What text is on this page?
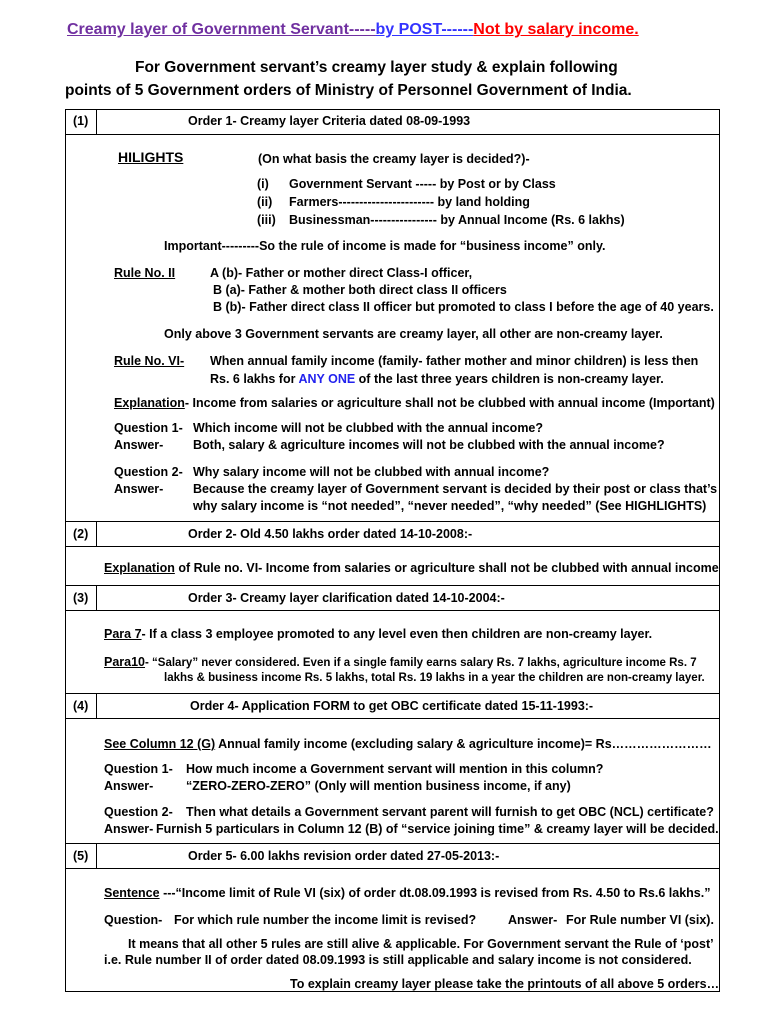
Creamy layer of Government Servant-----by POST------Not by salary income.
For Government servant’s creamy layer study & explain following
points of 5 Government orders of Ministry of Personnel Government of India.
(1)	Order 1- Creamy layer Criteria dated 08-09-1993
HILIGHTS	(On what basis the creamy layer is decided?)-
(i) Government Servant ----- by Post or by Class
(ii) Farmers----------------------- by land holding
(iii) Businessman---------------- by Annual Income (Rs. 6 lakhs)
Important---------So the rule of income is made for “business income” only.
Rule No. II	A (b)- Father or mother direct Class-I officer,
B (a)- Father & mother both direct class II officers
B (b)- Father direct class II officer but promoted to class I before the age of 40 years.
Only above 3 Government servants are creamy layer, all other are non-creamy layer.
Rule No. VI- When annual family income (family- father mother and minor children) is less then
Rs. 6 lakhs for ANY ONE of the last three years children is non-creamy layer.
Explanation- Income from salaries or agriculture shall not be clubbed with annual income (Important)
Question 1- Which income will not be clubbed with the annual income?
Answer- Both, salary & agriculture incomes will not be clubbed with the annual income?
Question 2- Why salary income will not be clubbed with annual income?
Answer- Because the creamy layer of Government servant is decided by their post or class that’s
why salary income is “not needed”, “never needed”, “why needed” (See HIGHLIGHTS)
(2)	Order 2- Old 4.50 lakhs order dated 14-10-2008:-
Explanation of Rule no. VI- Income from salaries or agriculture shall not be clubbed with annual income
(3)	Order 3- Creamy layer clarification dated 14-10-2004:-
Para 7- If a class 3 employee promoted to any level even then children are non-creamy layer.
Para10- “Salary” never considered. Even if a single family earns salary Rs. 7 lakhs, agriculture income Rs. 7
lakhs & business income Rs. 5 lakhs, total Rs. 19 lakhs in a year the children are non-creamy layer.
(4)	Order 4- Application FORM to get OBC certificate dated 15-11-1993:-
See Column 12 (G) Annual family income (excluding salary & agriculture income)= Rs……………………
Question 1- How much income a Government servant will mention in this column?
Answer-	“ZERO-ZERO-ZERO” (Only will mention business income, if any)
Question 2- Then what details a Government servant parent will furnish to get OBC (NCL) certificate?
Answer- Furnish 5 particulars in Column 12 (B) of “service joining time” & creamy layer will be decided.
(5)	Order 5- 6.00 lakhs revision order dated 27-05-2013:-
Sentence ---“Income limit of Rule VI (six) of order dt.08.09.1993 is revised from Rs. 4.50 to Rs.6 lakhs.”
Question- For which rule number the income limit is revised?	Answer- For Rule number VI (six).
It means that all other 5 rules are still alive & applicable. For Government servant the Rule of ‘post’
i.e. Rule number II of order dated 08.09.1993 is still applicable and salary income is not considered.
To explain creamy layer please take the printouts of all above 5 orders…
